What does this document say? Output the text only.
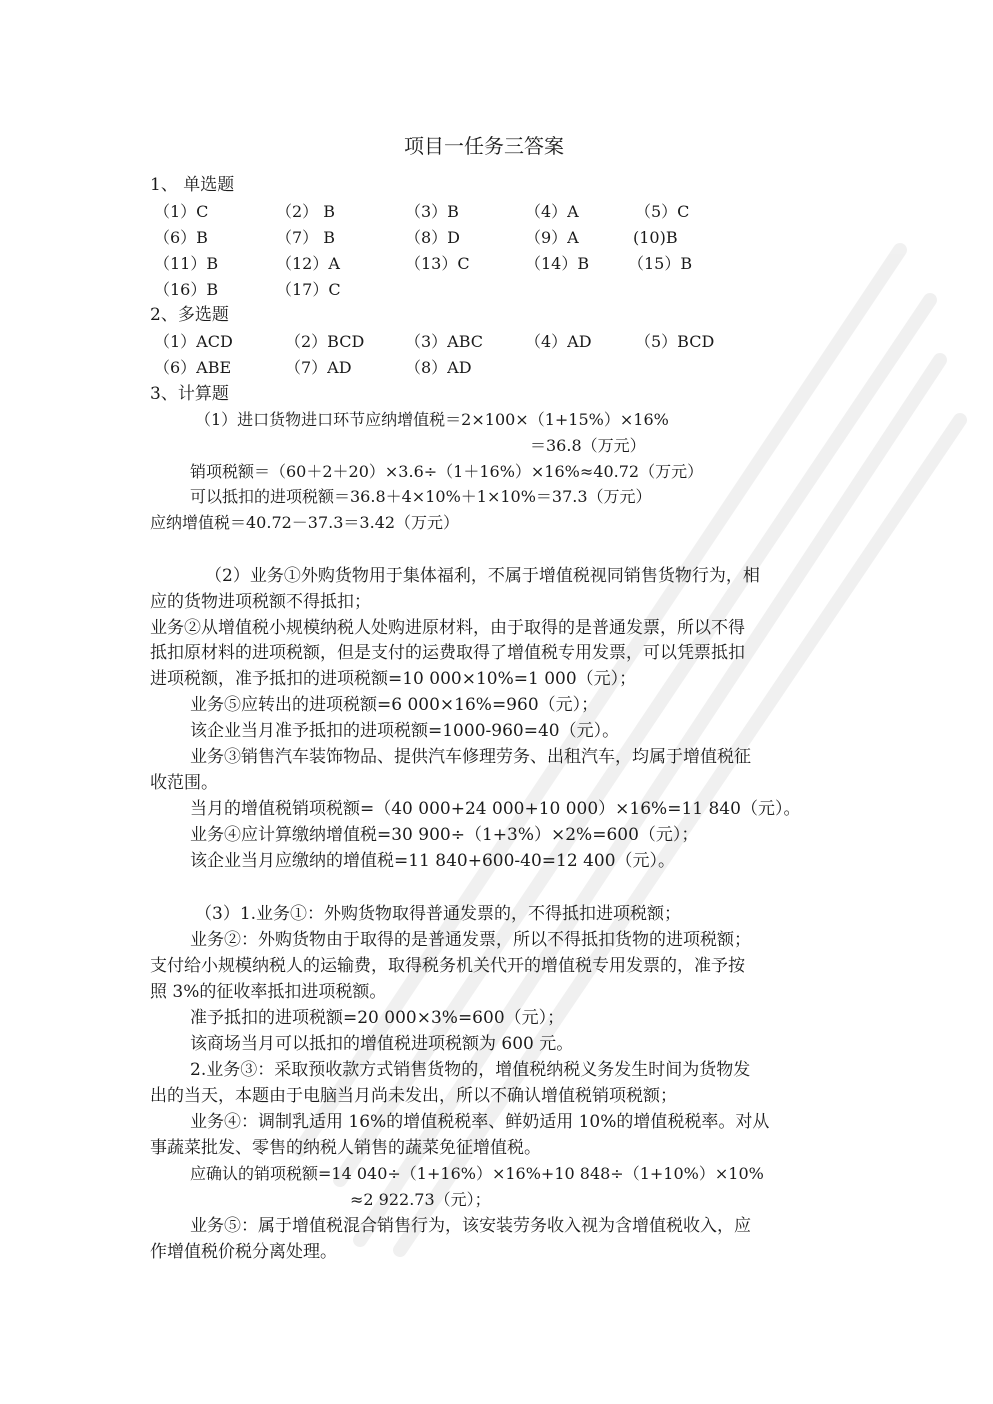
项目一任务三答案
1、 单选题
（1）C	（2） B	（3）B	（4）A	（5）C
（6）B	（7） B	（8）D	（9）A	(10)B
（11）B	（12）A	（13）C	（14）B （15）B
（16）B	（17）C
2、多选题
（1）ACD	（2）BCD	（3）ABC	（4）AD	（5）BCD
（6）ABE	（7）AD	（8）AD
3、计算题
（1）进口货物进口环节应纳增值税＝2×100×（1+15%）×16%
＝36.8（万元）
销项税额＝（60＋2＋20）×3.6÷（1＋16%）×16%≈40.72（万元）
可以抵扣的进项税额＝36.8＋4×10%＋1×10%＝37.3（万元）
应纳增值税＝40.72－37.3＝3.42（万元）
（2）业务①外购货物用于集体福利，不属于增值税视同销售货物行为，相
应的货物进项税额不得抵扣；
业务②从增值税小规模纳税人处购进原材料，由于取得的是普通发票，所以不得
抵扣原材料的进项税额，但是支付的运费取得了增值税专用发票，可以凭票抵扣
进项税额，准予抵扣的进项税额=10 000×10%=1 000（元）；
业务⑤应转出的进项税额=6 000×16%=960（元）；
该企业当月准予抵扣的进项税额=1000-960=40（元）。
业务③销售汽车装饰物品、提供汽车修理劳务、出租汽车，均属于增值税征
收范围。
当月的增值税销项税额=（40 000+24 000+10 000）×16%=11 840（元）。
业务④应计算缴纳增值税=30 900÷（1+3%）×2%=600（元）；
该企业当月应缴纳的增值税=11 840+600-40=12 400（元）。
（3）1.业务①：外购货物取得普通发票的，不得抵扣进项税额；
业务②：外购货物由于取得的是普通发票，所以不得抵扣货物的进项税额；
支付给小规模纳税人的运输费，取得税务机关代开的增值税专用发票的，准予按
照 3%的征收率抵扣进项税额。
准予抵扣的进项税额=20 000×3%=600（元）；
该商场当月可以抵扣的增值税进项税额为 600 元。
2.业务③：采取预收款方式销售货物的，增值税纳税义务发生时间为货物发
出的当天，本题由于电脑当月尚未发出，所以不确认增值税销项税额；
业务④：调制乳适用 16%的增值税税率、鲜奶适用 10%的增值税税率。对从
事蔬菜批发、零售的纳税人销售的蔬菜免征增值税。
应确认的销项税额=14 040÷（1+16%）×16%+10 848÷（1+10%）×10%
≈2 922.73（元）；
业务⑤：属于增值税混合销售行为，该安装劳务收入视为含增值税收入，应
作增值税价税分离处理。
